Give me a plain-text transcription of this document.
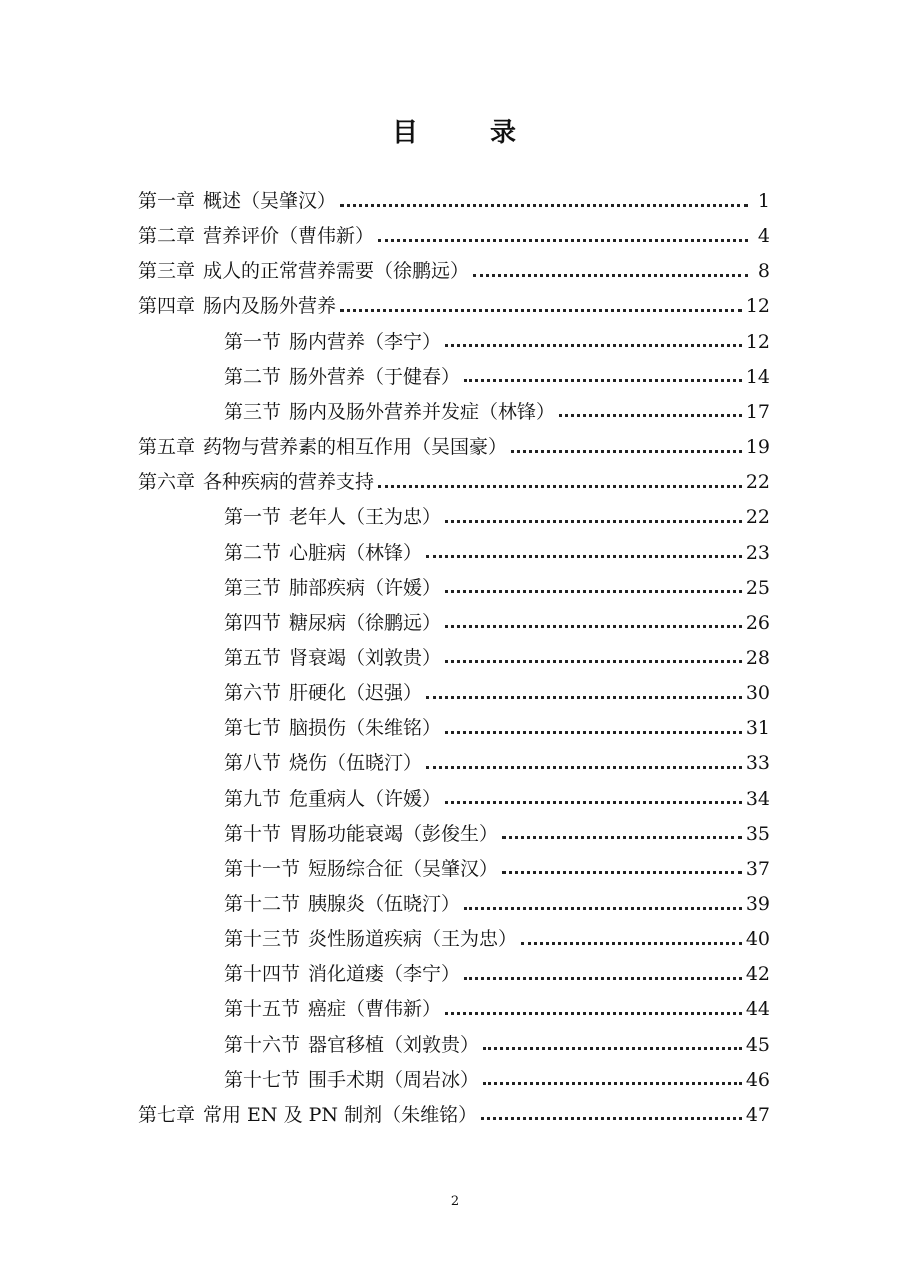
目	录
第一章 概述（吴肇汉）	1
第二章 营养评价（曹伟新）	4
第三章 成人的正常营养需要（徐鹏远）	8
第四章 肠内及肠外营养	12
第一节 肠内营养（李宁）	12
第二节 肠外营养（于健春）	14
第三节 肠内及肠外营养并发症（林锋）	17
第五章 药物与营养素的相互作用（吴国豪）	19
第六章 各种疾病的营养支持	22
第一节 老年人（王为忠）	22
第二节 心脏病（林锋）	23
第三节 肺部疾病（许媛）	25
第四节 糖尿病（徐鹏远）	26
第五节 肾衰竭（刘敦贵）	28
第六节 肝硬化（迟强）	30
第七节 脑损伤（朱维铭）	31
第八节 烧伤（伍晓汀）	33
第九节 危重病人（许媛）	34
第十节 胃肠功能衰竭（彭俊生）	35
第十一节 短肠综合征（吴肇汉）	37
第十二节 胰腺炎（伍晓汀）	39
第十三节 炎性肠道疾病（王为忠）	40
第十四节 消化道瘘（李宁）	42
第十五节 癌症（曹伟新）	44
第十六节 器官移植（刘敦贵）	45
第十七节 围手术期（周岩冰）	46
第七章 常用 EN 及 PN 制剂（朱维铭）	47
2
